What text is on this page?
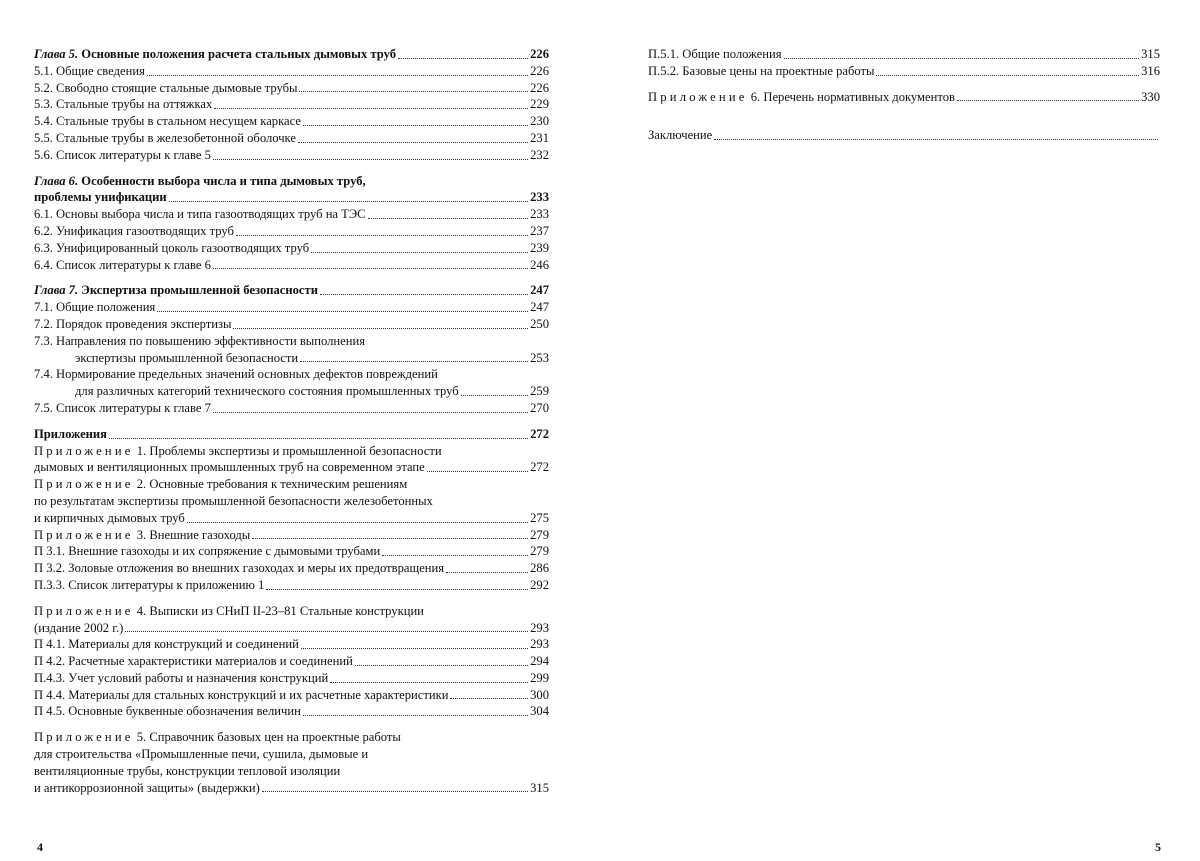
Глава 5. Основные положения расчета стальных дымовых труб	226
5.1. Общие сведения	226
5.2. Свободно стоящие стальные дымовые трубы	226
5.3. Стальные трубы на оттяжках	229
5.4. Стальные трубы в стальном несущем каркасе	230
5.5. Стальные трубы в железобетонной оболочке	231
5.6. Список литературы к главе 5	232
Глава 6. Особенности выбора числа и типа дымовых труб,
проблемы унификации	233
6.1. Основы выбора числа и типа газоотводящих труб на ТЭС	233
6.2. Унификация газоотводящих труб	237
6.3. Унифицированный цоколь газоотводящих труб	239
6.4. Список литературы к главе 6	246
Глава 7. Экспертиза промышленной безопасности	247
7.1. Общие положения	247
7.2. Порядок проведения экспертизы	250
7.3. Направления по повышению эффективности выполнения
экспертизы промышленной безопасности	253
7.4. Нормирование предельных значений основных дефектов повреждений
для различных категорий технического состояния промышленных труб	259
7.5. Список литературы к главе 7	270
Приложения	272
Приложение 1. Проблемы экспертизы и промышленной безопасности
дымовых и вентиляционных промышленных труб на современном этапе	272
Приложение 2. Основные требования к техническим решениям
по результатам экспертизы промышленной безопасности железобетонных
и кирпичных дымовых труб	275
Приложение 3. Внешние газоходы	279
П 3.1. Внешние газоходы и их сопряжение с дымовыми трубами	279
П 3.2. Золовые отложения во внешних газоходах и меры их предотвращения	286
П.3.3. Список литературы к приложению 1	292
Приложение 4. Выписки из СНиП II-23–81 Стальные конструкции
(издание 2002 г.)	293
П 4.1. Материалы для конструкций и соединений	293
П 4.2. Расчетные характеристики материалов и соединений	294
П.4.3. Учет условий работы и назначения конструкций	299
П 4.4. Материалы для стальных конструкций и их расчетные характеристики	300
П 4.5. Основные буквенные обозначения величин	304
Приложение 5. Справочник базовых цен на проектные работы
для строительства «Промышленные печи, сушила, дымовые и
вентиляционные трубы, конструкции тепловой изоляции
и антикоррозионной защиты» (выдержки)	315
П.5.1. Общие положения	315
П.5.2. Базовые цены на проектные работы	316
Приложение 6. Перечень нормативных документов	330
Заключение
4	5
